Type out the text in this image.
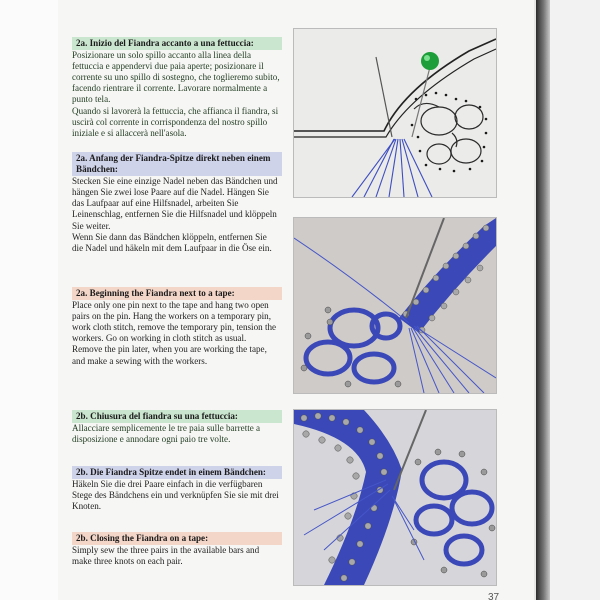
2a. Inizio del Fiandra accanto a una fettuccia:
Posizionare un solo spillo accanto alla linea della fettuccia e appendervi due paia aperte; posizionare il corrente su uno spillo di sostegno, che toglieremo subito, facendo rientrare il corrente. Lavorare normalmente a punto tela.
Quando si lavorerà la fettuccia, che affianca il fiandra, si uscirà col corrente in corrispondenza del nostro spillo iniziale e si allaccerà nell'asola.
2a. Anfang der Fiandra-Spitze direkt neben einem Bändchen:
Stecken Sie eine einzige Nadel neben das Bändchen und hängen Sie zwei lose Paare auf die Nadel. Hängen Sie das Laufpaar auf eine Hilfsnadel, arbeiten Sie Leinenschlag, entfernen Sie die Hilfsnadel und klöppeln Sie weiter.
Wenn Sie dann das Bändchen klöppeln, entfernen Sie die Nadel und häkeln mit dem Laufpaar in die Öse ein.
2a. Beginning the Fiandra next to a tape:
Place only one pin next to the tape and hang two open pairs on the pin. Hang the workers on a temporary pin, work cloth stitch, remove the temporary pin, tension the workers. Go on working in cloth stitch as usual.
Remove the pin later, when you are working the tape, and make a sewing with the workers.
2b. Chiusura del fiandra su una fettuccia:
Allacciare semplicemente le tre paia sulle barrette a disposizione e annodare ogni paio tre volte.
2b. Die Fiandra Spitze endet in einem Bändchen:
Häkeln Sie die drei Paare einfach in die verfügbaren Stege des Bändchens ein und verknüpfen Sie sie mit drei Knoten.
2b. Closing the Fiandra on a tape:
Simply sew the three pairs in the available bars and make three knots on each pair.
37
